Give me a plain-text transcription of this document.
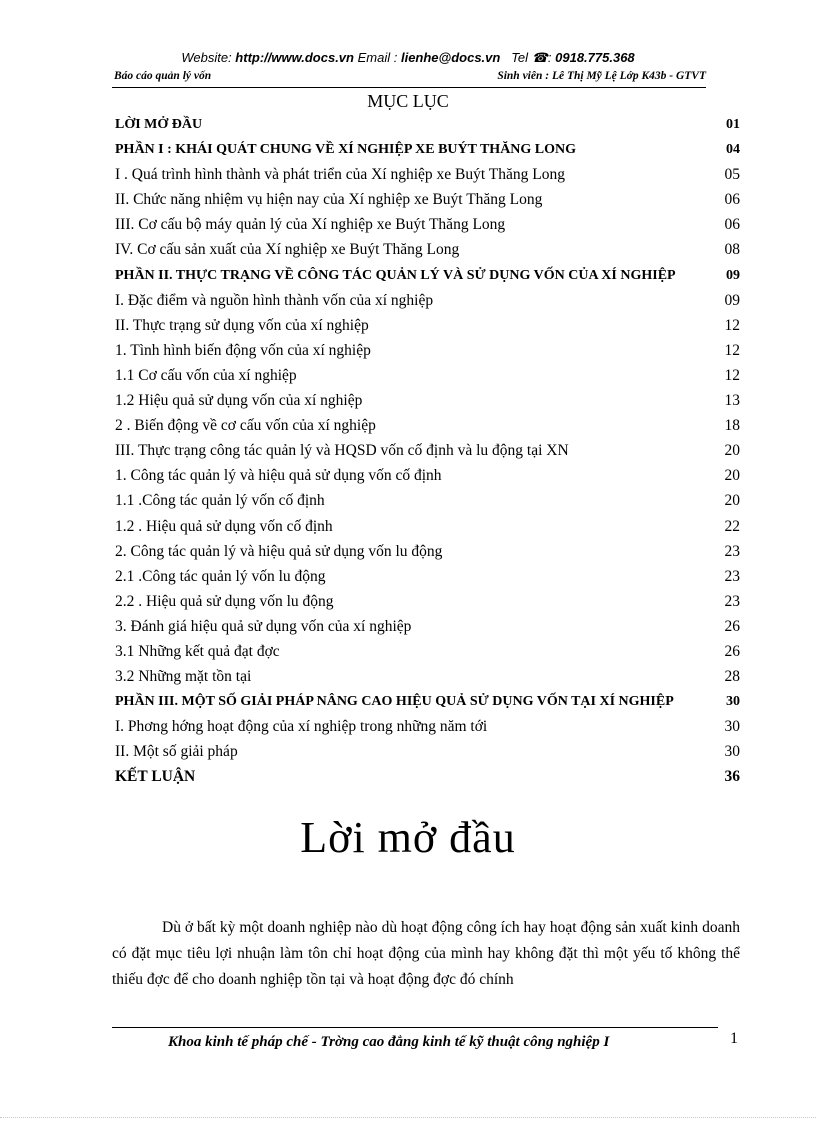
Website: http://www.docs.vn Email : lienhe@docs.vn Tel ☎: 0918.775.368
Báo cáo quản lý vốn	Sinh viên : Lê Thị Mỹ Lệ Lớp K43b - GTVT
MỤC LỤC
LỜI MỞ ĐẦU	01
PHẦN I : KHÁI QUÁT CHUNG VỀ XÍ NGHIỆP XE BUÝT THĂNG LONG	04
I . Quá trình hình thành và phát triển của Xí nghiệp xe Buýt Thăng Long	05
II. Chức năng nhiệm vụ hiện nay của Xí nghiệp xe Buýt Thăng Long	06
III. Cơ cấu bộ máy quản lý của Xí nghiệp xe Buýt Thăng Long	06
IV. Cơ cấu sản xuất của Xí nghiệp xe Buýt Thăng Long	08
PHẦN II. THỰC TRẠNG VỀ CÔNG TÁC QUẢN LÝ VÀ SỬ DỤNG VỐN CỦA XÍ NGHIỆP	09
I. Đặc điểm và nguồn hình thành vốn của xí nghiệp	09
II. Thực trạng sử dụng vốn của xí nghiệp	12
1. Tình hình biến động vốn của xí nghiệp	12
1.1 Cơ cấu vốn của xí nghiệp	12
1.2 Hiệu quả sử dụng vốn của xí nghiệp	13
2 . Biến động về cơ cấu vốn của xí nghiệp	18
III. Thực trạng công tác quản lý và HQSD vốn cố định và lu động tại XN	20
1. Công tác quản lý và hiệu quả sử dụng vốn cố định	20
1.1 .Công tác quản lý vốn cố định	20
1.2 . Hiệu quả sử dụng vốn cố định	22
2. Công tác quản lý và hiệu quả sử dụng vốn lu động	23
2.1 .Công tác quản lý vốn lu động	23
2.2 . Hiệu quả sử dụng vốn lu động	23
3. Đánh giá hiệu quả sử dụng vốn của xí nghiệp	26
3.1 Những kết quả đạt đợc	26
3.2 Những mặt tồn tại	28
PHẦN III. MỘT SỐ GIẢI PHÁP NÂNG CAO HIỆU QUẢ SỬ DỤNG VỐN TẠI XÍ NGHIỆP	30
I. Phơng hớng hoạt động của xí nghiệp trong những năm tới	30
II. Một số giải pháp	30
KẾT LUẬN	36
Lời mở đầu
Dù ở bất kỳ một doanh nghiệp nào dù hoạt động công ích hay hoạt động sản xuất kinh doanh có đặt mục tiêu lợi nhuận làm tôn chỉ hoạt động của mình hay không đặt thì một yếu tố không thể thiếu đợc để cho doanh nghiệp tồn tại và hoạt động đợc đó chính
Khoa kinh tế pháp chế - Trờng cao đẳng kinh tế kỹ thuật công nghiệp I	1
